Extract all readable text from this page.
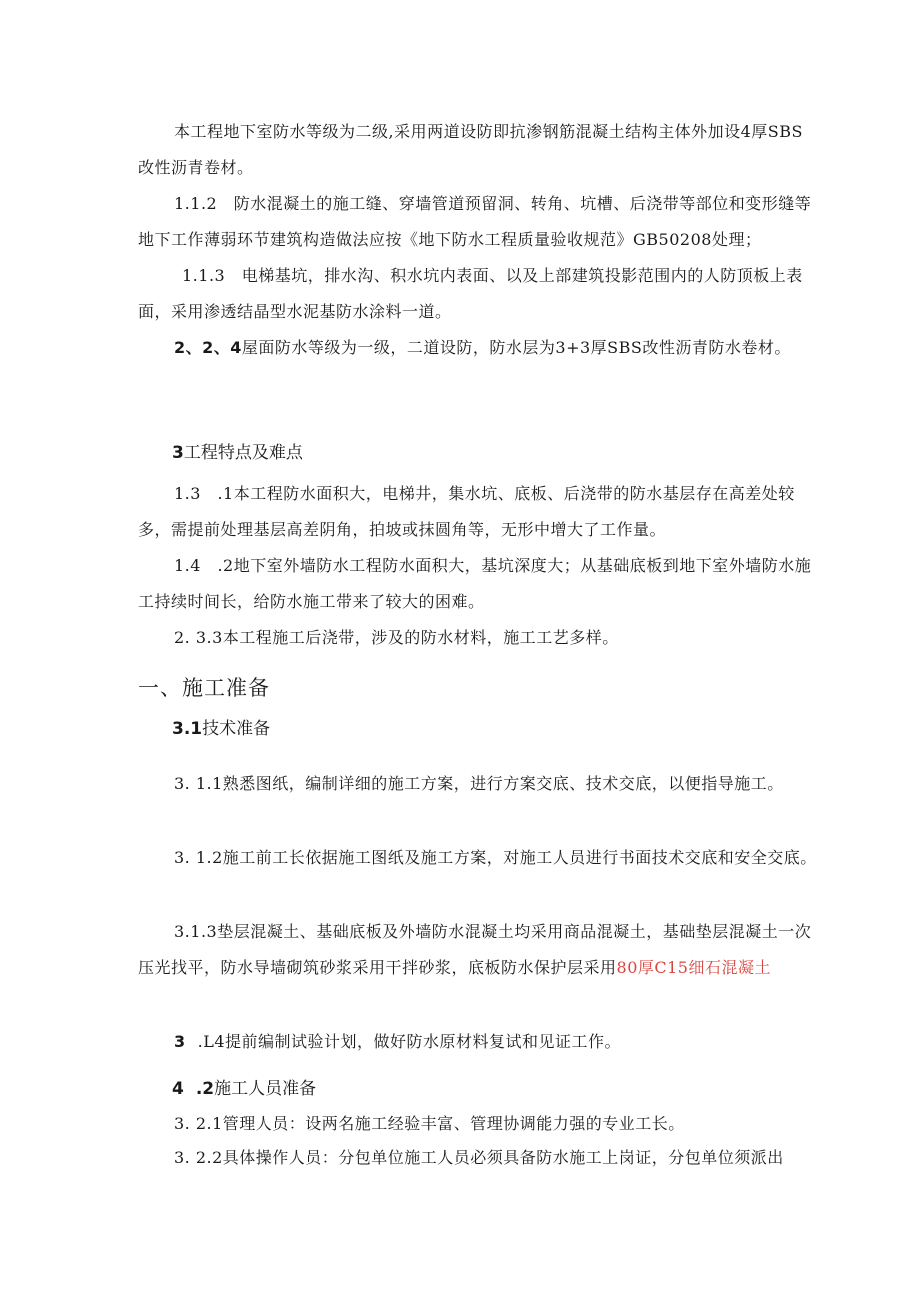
本工程地下室防水等级为二级,采用两道设防即抗渗钢筋混凝土结构主体外加设4厚SBS改性沥青卷材。
1.1.2　防水混凝土的施工缝、穿墙管道预留洞、转角、坑槽、后浇带等部位和变形缝等地下工作薄弱环节建筑构造做法应按《地下防水工程质量验收规范》GB50208处理；
1.1.3　电梯基坑，排水沟、积水坑内表面、以及上部建筑投影范围内的人防顶板上表面，采用渗透结晶型水泥基防水涂料一道。
2、2、4屋面防水等级为一级，二道设防，防水层为3+3厚SBS改性沥青防水卷材。
3工程特点及难点
1.3　.1本工程防水面积大，电梯井，集水坑、底板、后浇带的防水基层存在高差处较多，需提前处理基层高差阴角，拍坡或抹圆角等，无形中增大了工作量。
1.4　.2地下室外墙防水工程防水面积大，基坑深度大；从基础底板到地下室外墙防水施工持续时间长，给防水施工带来了较大的困难。
2. 3.3本工程施工后浇带，涉及的防水材料，施工工艺多样。
一、施工准备
3.1技术准备
3. 1.1熟悉图纸，编制详细的施工方案，进行方案交底、技术交底，以便指导施工。
3. 1.2施工前工长依据施工图纸及施工方案，对施工人员进行书面技术交底和安全交底。
3.1.3垫层混凝土、基础底板及外墙防水混凝土均采用商品混凝土，基础垫层混凝土一次压光找平，防水导墙砌筑砂浆采用干拌砂浆，底板防水保护层采用80厚C15细石混凝土
3 .L4提前编制试验计划，做好防水原材料复试和见证工作。
4 .2施工人员准备
3. 2.1管理人员：设两名施工经验丰富、管理协调能力强的专业工长。
3. 2.2具体操作人员：分包单位施工人员必须具备防水施工上岗证，分包单位须派出
